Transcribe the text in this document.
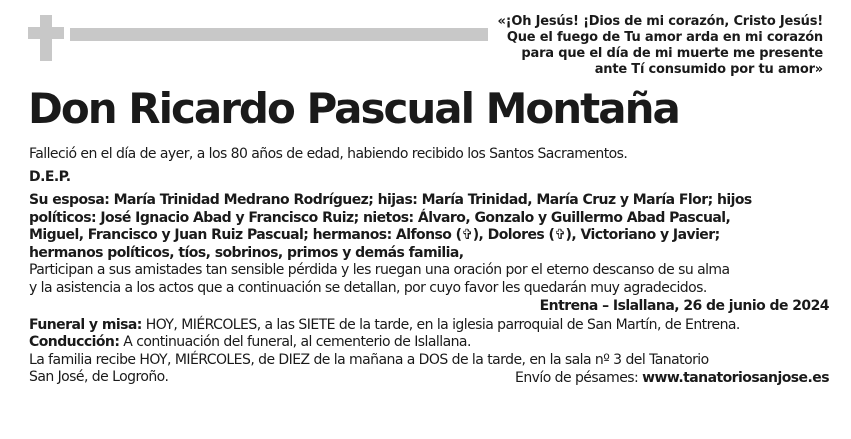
«¡Oh Jesús! ¡Dios de mi corazón, Cristo Jesús!
Que el fuego de Tu amor arda en mi corazón
para que el día de mi muerte me presente
ante Tí consumido por tu amor»
Don Ricardo Pascual Montaña

Falleció en el día de ayer, a los 80 años de edad, habiendo recibido los Santos Sacramentos.

D.E.P.

Su esposa: María Trinidad Medrano Rodríguez; hijas: María Trinidad, María Cruz y María Flor; hijos

políticos: José Ignacio Abad y Francisco Ruiz; nietos: Álvaro, Gonzalo y Guillermo Abad Pascual,

Miguel, Francisco y Juan Ruiz Pascual; hermanos: Alfonso (✞), Dolores (✞), Victoriano y Javier;

hermanos políticos, tíos, sobrinos, primos y demás familia,

Participan a sus amistades tan sensible pérdida y les ruegan una oración por el eterno descanso de su alma

y la asistencia a los actos que a continuación se detallan, por cuyo favor les quedarán muy agradecidos.

Entrena – Islallana, 26 de junio de 2024

Funeral y misa: HOY, MIÉRCOLES, a las SIETE de la tarde, en la iglesia parroquial de San Martín, de Entrena.

Conducción: A continuación del funeral, al cementerio de Islallana.

La familia recibe HOY, MIÉRCOLES, de DIEZ de la mañana a DOS de la tarde, en la sala nº 3 del Tanatorio

San José, de Logroño.	Envío de pésames: www.tanatoriosanjose.es
